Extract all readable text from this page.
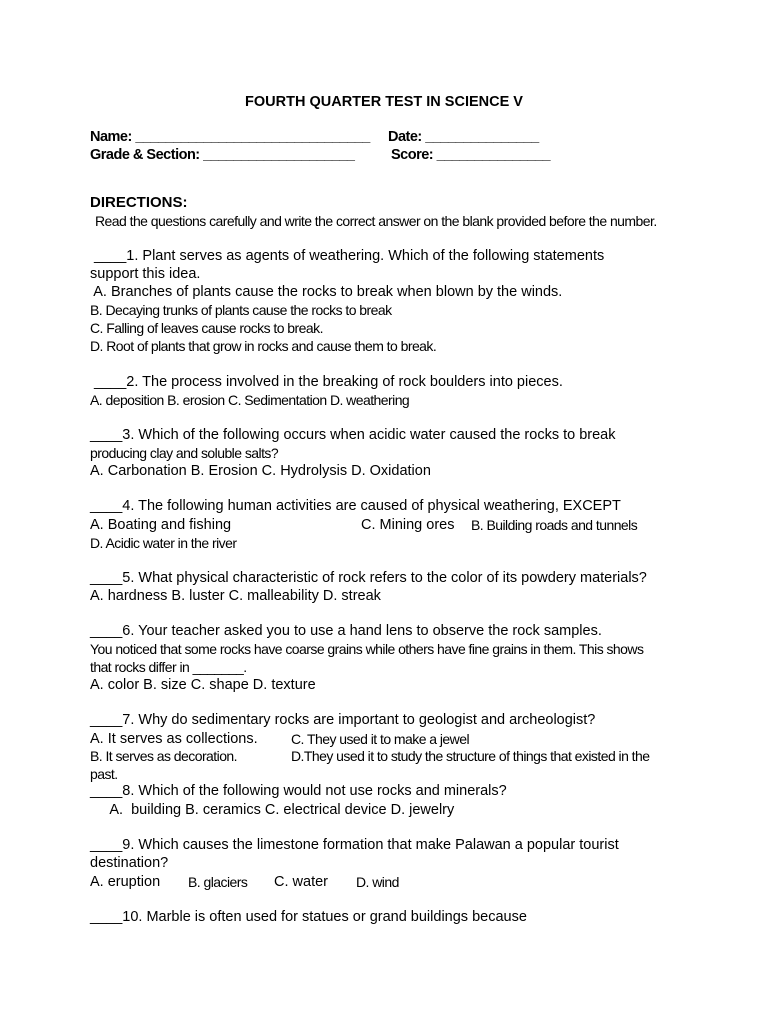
FOURTH QUARTER TEST IN SCIENCE V
Name: _______________________________ Date: _______________
Grade & Section: ____________________	Score: _______________
DIRECTIONS:
Read the questions carefully and write the correct answer on the blank provided before the number.
____1. Plant serves as agents of weathering. Which of the following statements
support this idea.
A. Branches of plants cause the rocks to break when blown by the winds.
B. Decaying trunks of plants cause the rocks to break
C. Falling of leaves cause rocks to break.
D. Root of plants that grow in rocks and cause them to break.
____2. The process involved in the breaking of rock boulders into pieces.
A. deposition B. erosion C. Sedimentation D. weathering
____3. Which of the following occurs when acidic water caused the rocks to break
producing clay and soluble salts?
A. Carbonation B. Erosion C. Hydrolysis D. Oxidation
____4. The following human activities are caused of physical weathering, EXCEPT
A. Boating and fishing	C. Mining ores B. Building roads and tunnels
D. Acidic water in the river
____5. What physical characteristic of rock refers to the color of its powdery materials?
A. hardness B. luster C. malleability D. streak
____6. Your teacher asked you to use a hand lens to observe the rock samples.
You noticed that some rocks have coarse grains while others have fine grains in them. This shows
that rocks differ in _______.
A. color B. size C. shape D. texture
____7. Why do sedimentary rocks are important to geologist and archeologist?
A. It serves as collections. C. They used it to make a jewel
B. It serves as decoration.	D.They used it to study the structure of things that existed in the
past.
____8. Which of the following would not use rocks and minerals?
A.  building B. ceramics C. electrical device D. jewelry
____9. Which causes the limestone formation that make Palawan a popular tourist
destination?
A. eruption B. glaciers C. water D. wind
____10. Marble is often used for statues or grand buildings because
